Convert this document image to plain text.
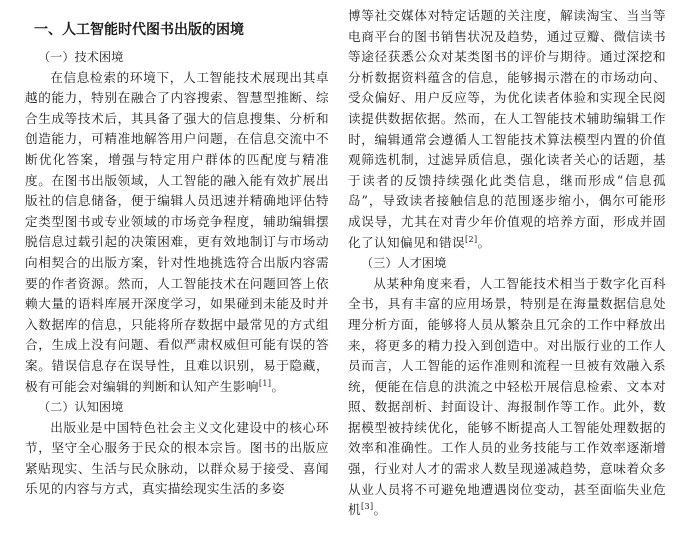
一、人工智能时代图书出版的困境
（一）技术困境

在信息检索的环境下，人工智能技术展现出其卓越的能力，特别在融合了内容搜索、智慧型推断、综合生成等技术后，其具备了强大的信息搜集、分析和创造能力，可精准地解答用户问题，在信息交流中不断优化答案，增强与特定用户群体的匹配度与精准度。在图书出版领域，人工智能的融入能有效扩展出版社的信息储备，便于编辑人员迅速并精确地评估特定类型图书或专业领域的市场竞争程度，辅助编辑摆脱信息过载引起的决策困难，更有效地制订与市场动向相契合的出版方案，针对性地挑选符合出版内容需要的作者资源。然而，人工智能技术在问题回答上依赖大量的语料库展开深度学习，如果碰到未能及时并入数据库的信息，只能将所存数据中最常见的方式组合，生成上没有问题、看似严肃权威但可能有误的答案。错误信息存在误导性，且难以识别，易于隐藏，极有可能会对编辑的判断和认知产生影响[1]。

（二）认知困境

出版业是中国特色社会主义文化建设中的核心环节，坚守全心服务于民众的根本宗旨。图书的出版应紧贴现实、生活与民众脉动，以群众易于接受、喜闻乐见的内容与方式，真实描绘现实生活的多姿

博等社交媒体对特定话题的关注度，解读淘宝、当当等电商平台的图书销售状况及趋势，通过豆瓣、微信读书等途径获悉公众对某类图书的评价与期待。通过深挖和分析数据资料蕴含的信息，能够揭示潜在的市场动向、受众偏好、用户反应等，为优化读者体验和实现全民阅读提供数据依据。然而，在人工智能技术辅助编辑工作时，编辑通常会遵循人工智能技术算法模型内置的价值观筛选机制，过滤异质信息，强化读者关心的话题，基于读者的反馈持续强化此类信息，继而形成“信息孤岛”，导致读者接触信息的范围逐步缩小，偶尔可能形成误导，尤其在对青少年价值观的培养方面，形成并固化了认知偏见和错误[2]。

（三）人才困境

从某种角度来看，人工智能技术相当于数字化百科全书，具有丰富的应用场景，特别是在海量数据信息处理分析方面，能够将人员从繁杂且冗余的工作中释放出来，将更多的精力投入到创造中。对出版行业的工作人员而言，人工智能的运作准则和流程一旦被有效融入系统，便能在信息的洪流之中轻松开展信息检索、文本对照、数据剖析、封面设计、海报制作等工作。此外，数据模型被持续优化，能够不断提高人工智能处理数据的效率和准确性。工作人员的业务技能与工作效率逐渐增强，行业对人才的需求人数呈现递减趋势，意味着众多从业人员将不可避免地遭遇岗位变动，甚至面临失业危机[3]。
